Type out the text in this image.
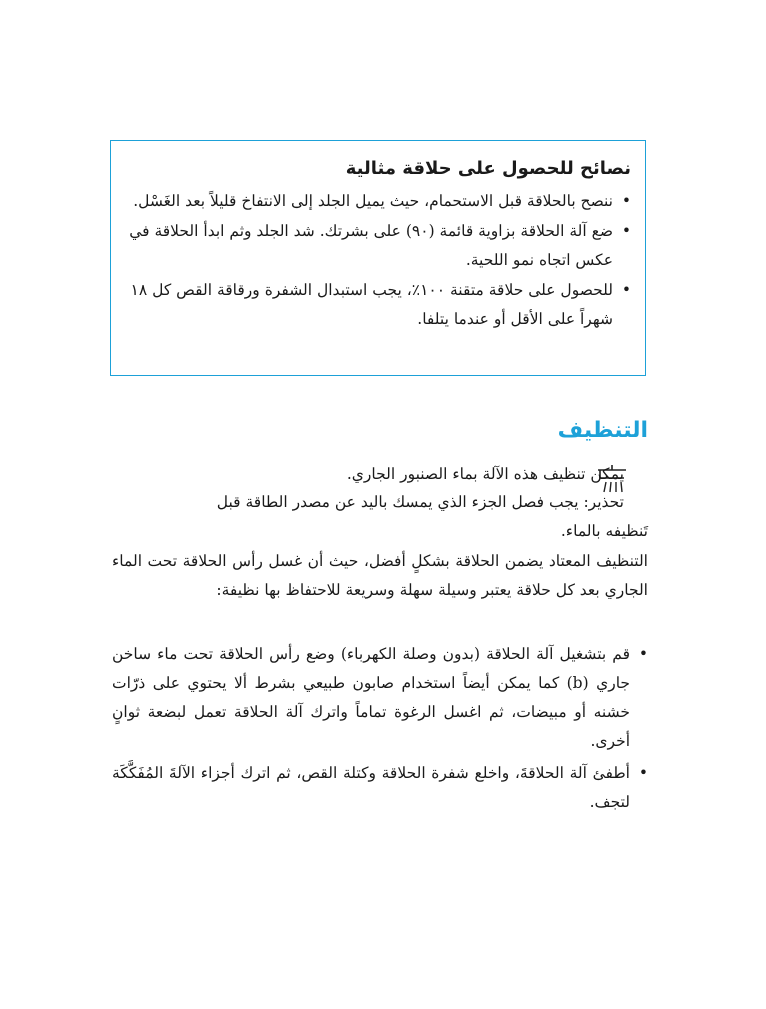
نصائح للحصول على حلاقة مثالية
•
ننصح بالحلاقة قبل الاستحمام، حيث يميل الجلد إلى الانتفاخ قليلاً بعد الغَسْل.
•
ضع آلة الحلاقة بزاوية قائمة (٩٠) على بشرتك. شد الجلد وثم ابدأ الحلاقة في عكس اتجاه نمو اللحية.
•
للحصول على حلاقة متقنة ١٠٠٪، يجب استبدال الشفرة ورقاقة القص كل ١٨ شهراً على الأقل أو عندما يتلفا.
التنظيف

يمكن تنظيف هذه الآلة بماء الصنبور الجاري.

تحذير: يجب فصل الجزء الذي يمسك باليد عن مصدر الطاقة قبل

تَنظيفه بالماء.

التنظيف المعتاد يضمن الحلاقة بشكلٍ أفضل، حيث أن غسل رأس الحلاقة تحت الماء الجاري بعد كل حلاقة يعتبر وسيلة سهلة وسريعة للاحتفاظ بها نظيفة:

•
قم بتشغيل آلة الحلاقة (بدون وصلة الكهرباء) وضع رأس الحلاقة تحت ماء ساخن جاري (b) كما يمكن أيضاً استخدام صابون طبيعي بشرط ألا يحتوي على ذرّات خشنه أو مبيضات، ثم اغسل الرغوة تماماً واترك آلة الحلاقة تعمل لبضعة ثوانٍ أخرى.
•
أطفئ آلة الحلاقةَ، واخلع شفرة الحلاقة وكتلة القص، ثم اترك أجزاء الآلةَ المُفَكَّكَة لتجف.
